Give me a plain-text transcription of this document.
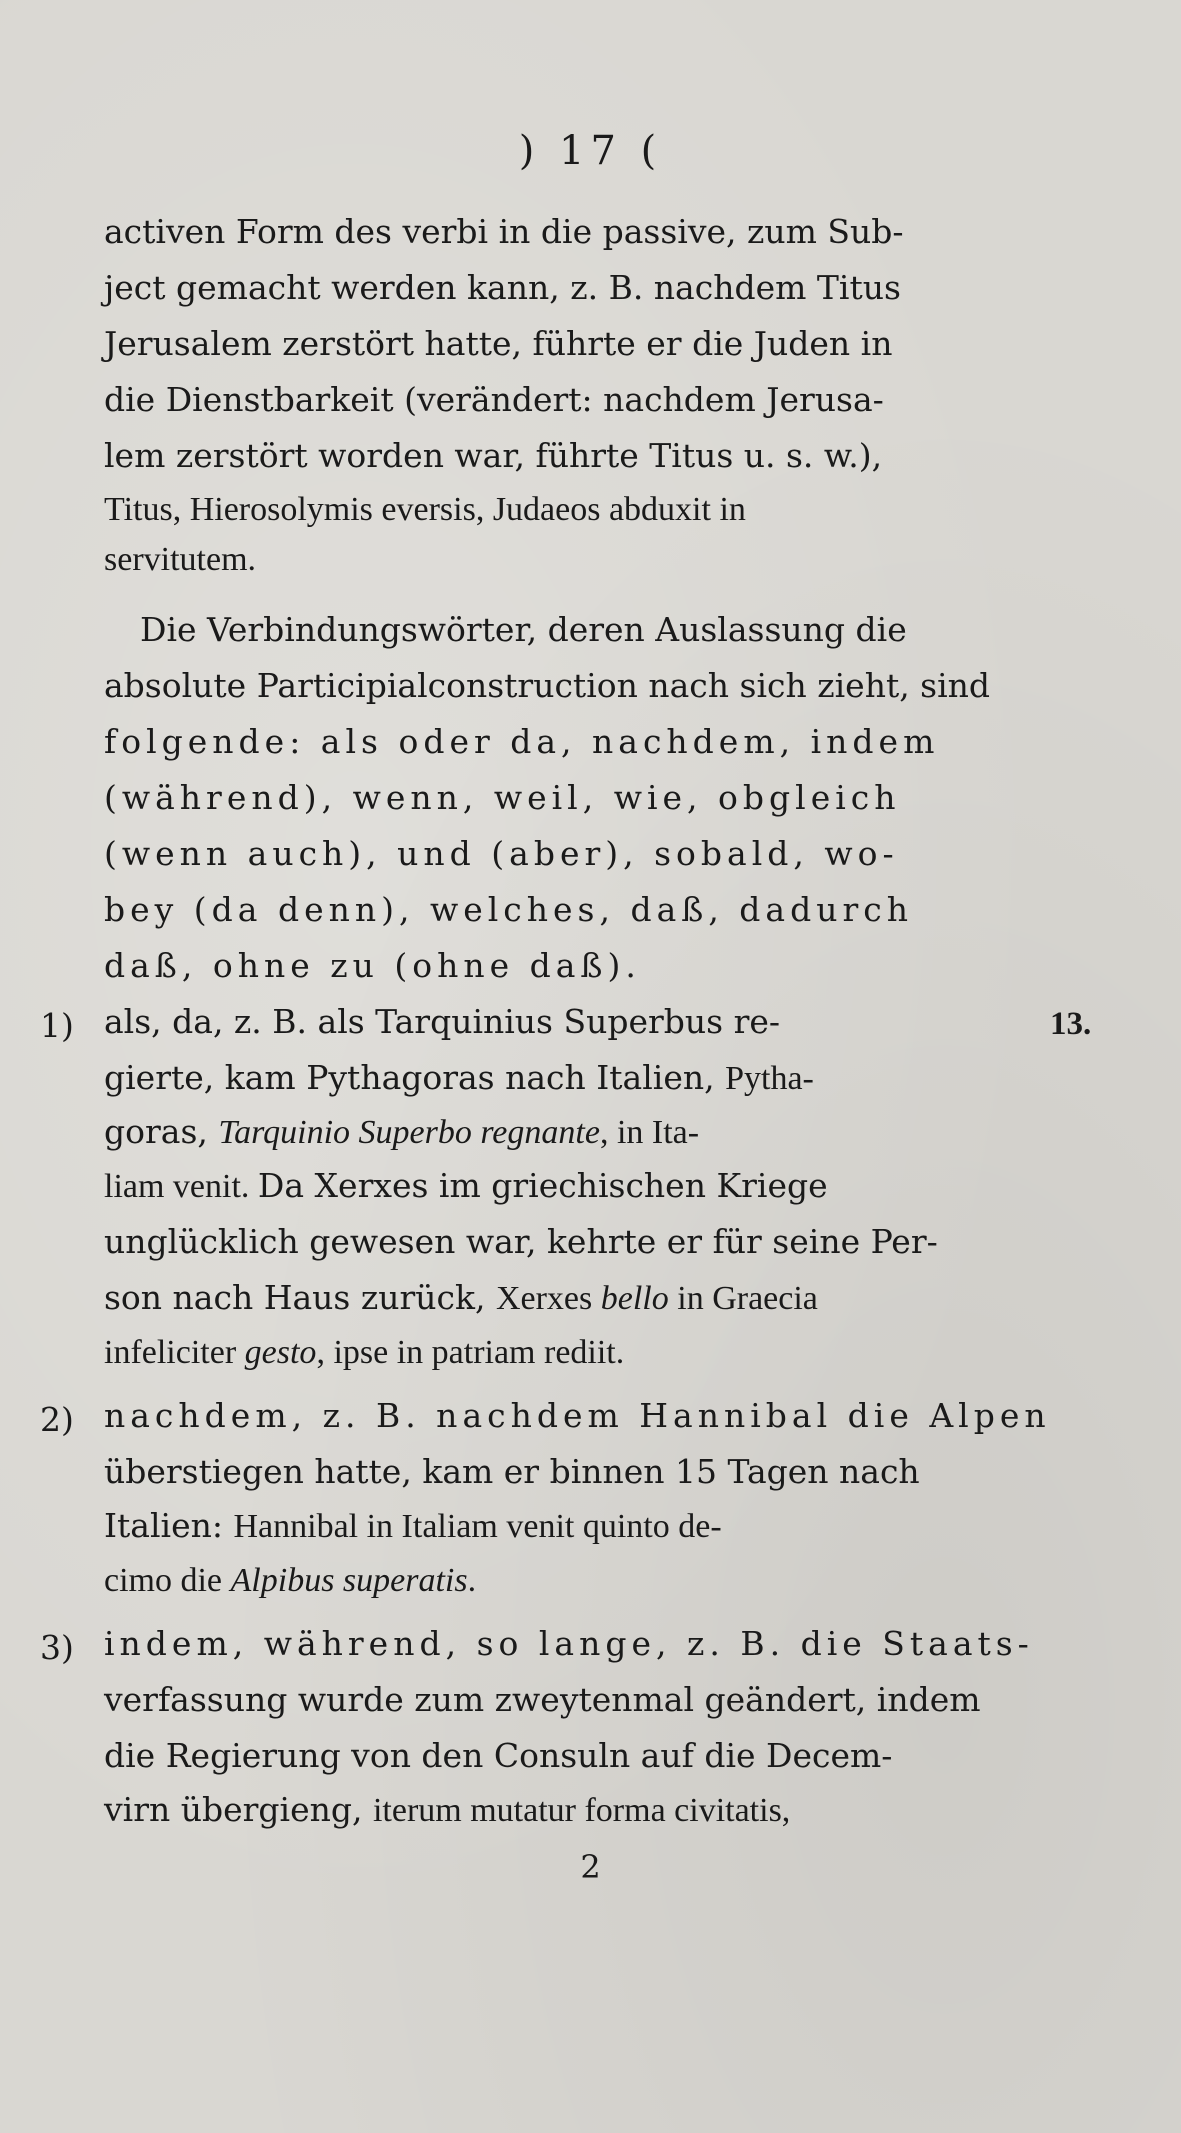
) 17 (
activen Form des verbi in die passive, zum Sub-
ject gemacht werden kann, z. B. nachdem Titus
Jerusalem zerstört hatte, führte er die Juden in
die Dienstbarkeit (verändert: nachdem Jerusa-
lem zerstört worden war, führte Titus u. s. w.),
Titus, Hierosolymis eversis, Judaeos abduxit in
servitutem.
Die Verbindungswörter, deren Auslassung die
absolute Participialconstruction nach sich zieht, sind
folgende: als oder da, nachdem, indem
(während), wenn, weil, wie, obgleich
(wenn auch), und (aber), sobald, wo-
bey (da denn), welches, daß, dadurch
daß, ohne zu (ohne daß).
1) als, da, z. B. als Tarquinius Superbus re-	13.
gierte, kam Pythagoras nach Italien, Pytha-
goras, Tarquinio Superbo regnante, in Ita-
liam venit. Da Xerxes im griechischen Kriege
unglücklich gewesen war, kehrte er für seine Per-
son nach Haus zurück, Xerxes bello in Graecia
infeliciter gesto, ipse in patriam rediit.
2) nachdem, z. B. nachdem Hannibal die Alpen
überstiegen hatte, kam er binnen 15 Tagen nach
Italien: Hannibal in Italiam venit quinto de-
cimo die Alpibus superatis.
3) indem, während, so lange, z. B. die Staats-
verfassung wurde zum zweytenmal geändert, indem
die Regierung von den Consuln auf die Decem-
virn übergieng, iterum mutatur forma civitatis,
2
